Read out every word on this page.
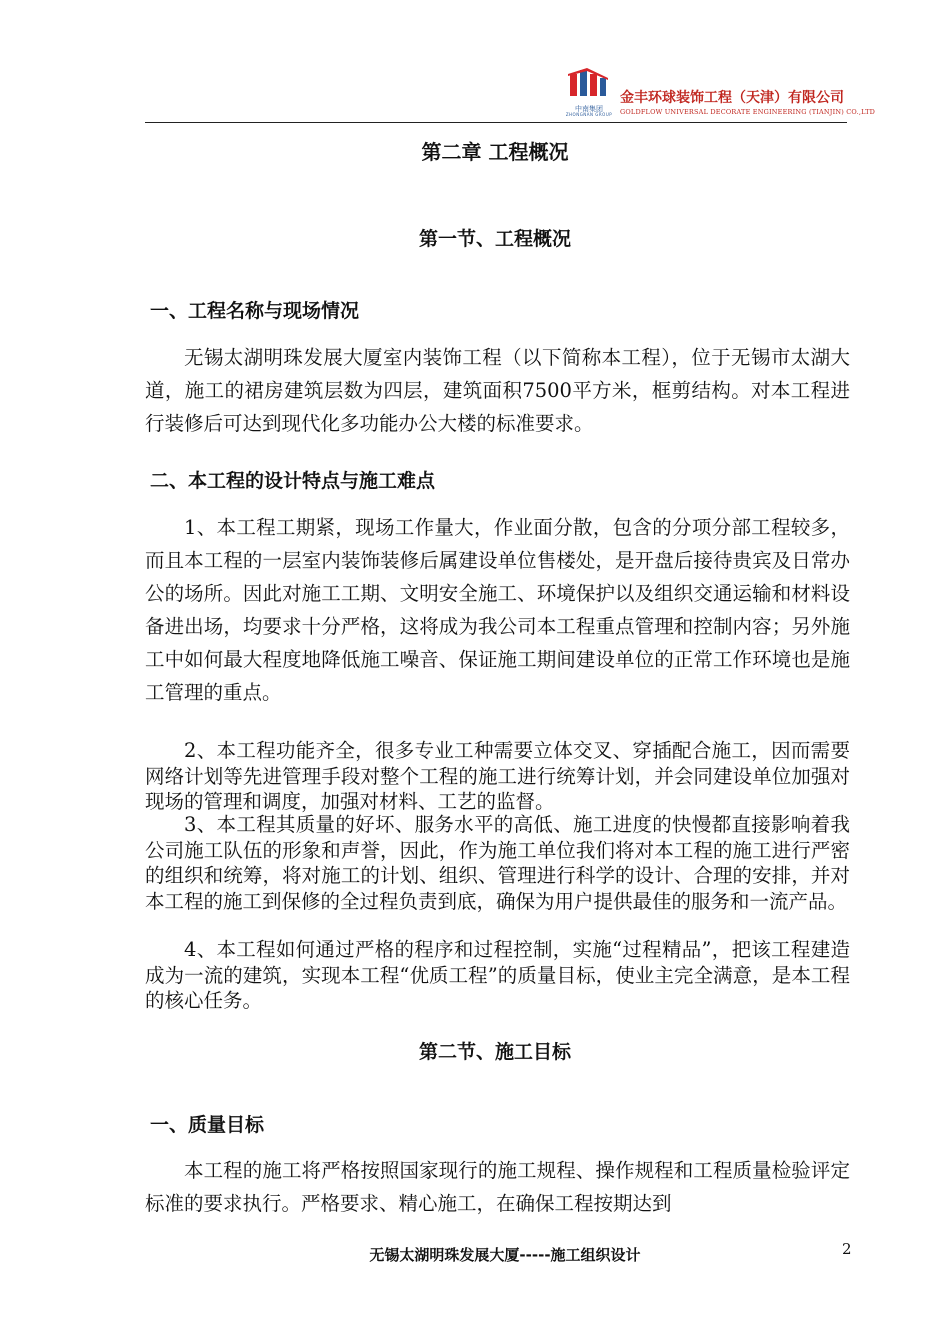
中南集团
ZHONGNAN GROUP
金丰环球装饰工程（天津）有限公司
GOLDFLOW UNIVERSAL DECORATE ENGINEERING (TIANJIN) CO.,LTD
第二章 工程概况
第一节、工程概况
一、工程名称与现场情况

无锡太湖明珠发展大厦室内装饰工程（以下简称本工程），位于无锡市太湖大道，施工的裙房建筑层数为四层，建筑面积7500平方米，框剪结构。对本工程进行装修后可达到现代化多功能办公大楼的标准要求。

二、本工程的设计特点与施工难点

1、本工程工期紧，现场工作量大，作业面分散，包含的分项分部工程较多，而且本工程的一层室内装饰装修后属建设单位售楼处，是开盘后接待贵宾及日常办公的场所。因此对施工工期、文明安全施工、环境保护以及组织交通运输和材料设备进出场，均要求十分严格，这将成为我公司本工程重点管理和控制内容；另外施工中如何最大程度地降低施工噪音、保证施工期间建设单位的正常工作环境也是施工管理的重点。

2、本工程功能齐全，很多专业工种需要立体交叉、穿插配合施工，因而需要网络计划等先进管理手段对整个工程的施工进行统筹计划，并会同建设单位加强对现场的管理和调度，加强对材料、工艺的监督。

3、本工程其质量的好坏、服务水平的高低、施工进度的快慢都直接影响着我公司施工队伍的形象和声誉，因此，作为施工单位我们将对本工程的施工进行严密的组织和统筹，将对施工的计划、组织、管理进行科学的设计、合理的安排，并对本工程的施工到保修的全过程负责到底，确保为用户提供最佳的服务和一流产品。

4、本工程如何通过严格的程序和过程控制，实施“过程精品”，把该工程建造成为一流的建筑，实现本工程“优质工程”的质量目标，使业主完全满意，是本工程的核心任务。

第二节、施工目标
一、质量目标

本工程的施工将严格按照国家现行的施工规程、操作规程和工程质量检验评定标准的要求执行。严格要求、精心施工，在确保工程按期达到

无锡太湖明珠发展大厦-----施工组织设计	2
